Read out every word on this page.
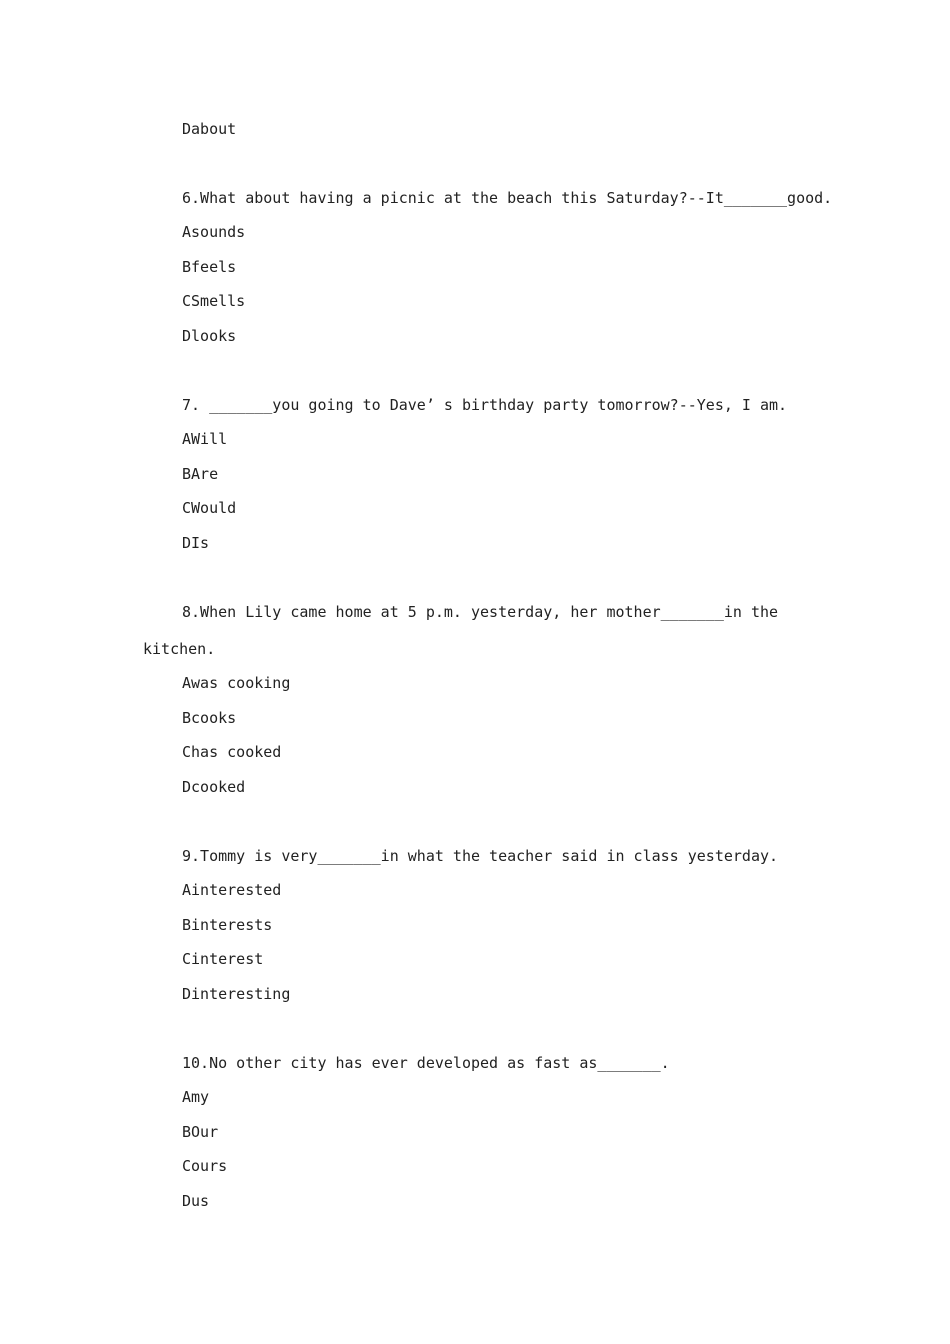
Dabout
6.What about having a picnic at the beach this Saturday?--It_______good.
Asounds
Bfeels
CSmells
Dlooks
7. _______you going to Dave’ s birthday party tomorrow?--Yes, I am.
AWill
BAre
CWould
DIs
8.When Lily came home at 5 p.m. yesterday, her mother_______in the
kitchen.
Awas cooking
Bcooks
Chas cooked
Dcooked
9.Tommy is very_______in what the teacher said in class yesterday.
Ainterested
Binterests
Cinterest
Dinteresting
10.No other city has ever developed as fast as_______.
Amy
BOur
Cours
Dus
